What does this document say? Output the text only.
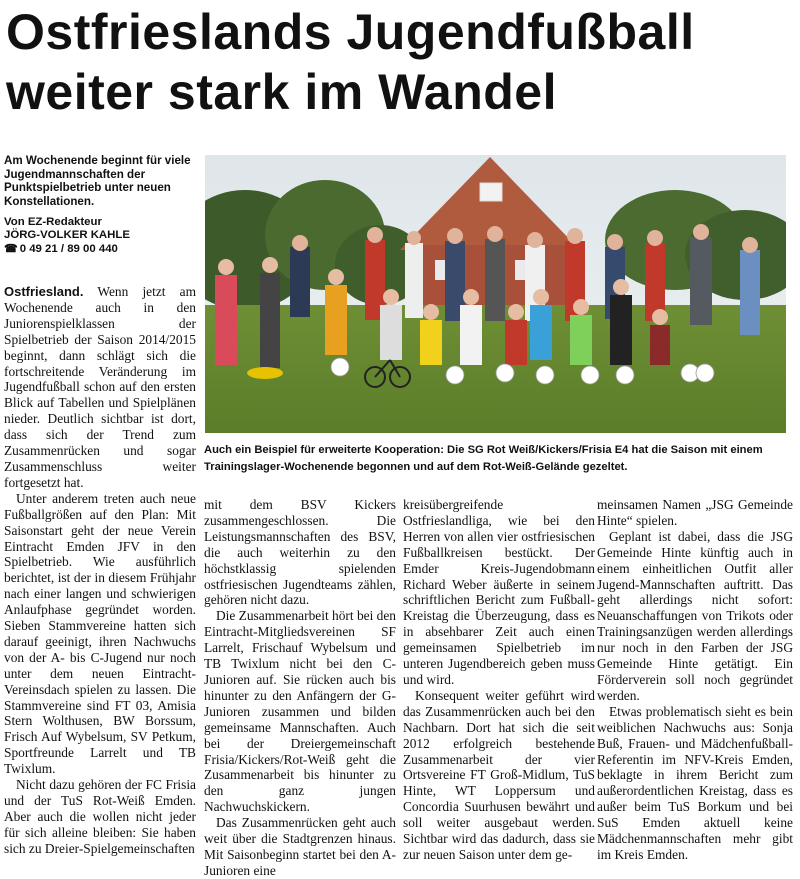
Ostfrieslands Jugendfußball
weiter stark im Wandel
Am Wochenende beginnt für viele Jugendmannschaften der Punktspielbetrieb unter neuen Konstellationen.
Von EZ-Redakteur
JÖRG-VOLKER KAHLE
☎ 0 49 21 / 89 00 440
Auch ein Beispiel für erweiterte Kooperation: Die SG Rot Weiß/Kickers/Frisia E4 hat die Saison mit einem Trainingslager-Wochenende begonnen und auf dem Rot-Weiß-Gelände gezeltet.

Ostfriesland. Wenn jetzt am Wochenende auch in den Juniorenspielklassen der Spielbetrieb der Saison 2014/2015 beginnt, dann schlägt sich die fortschreitende Veränderung im Jugendfußball schon auf den ersten Blick auf Tabellen und Spielplänen nieder. Deutlich sichtbar ist dort, dass sich der Trend zum Zusammenrücken und sogar Zusammenschluss weiter fortgesetzt hat.

Unter anderem treten auch neue Fußballgrößen auf den Plan: Mit Saisonstart geht der neue Verein Eintracht Emden JFV in den Spielbetrieb. Wie ausführlich berichtet, ist der in diesem Frühjahr nach einer langen und schwierigen Anlaufphase gegründet worden. Sieben Stammvereine hatten sich darauf geeinigt, ihren Nachwuchs von der A- bis C-Jugend nur noch unter dem neuen Eintracht-Vereinsdach spielen zu lassen. Die Stammvereine sind FT 03, Amisia Stern Wolthusen, BW Borssum, Frisch Auf Wybelsum, SV Petkum, Sportfreunde Larrelt und TB Twixlum.

Nicht dazu gehören der FC Frisia und der TuS Rot-Weiß Emden. Aber auch die wollen nicht jeder für sich alleine bleiben: Sie haben sich zu Dreier-Spielgemeinschaften

mit dem BSV Kickers zusammengeschlossen. Die Leistungsmannschaften des BSV, die auch weiterhin zu den höchstklassig spielenden ostfriesischen Jugendteams zählen, gehören nicht dazu.

Die Zusammenarbeit hört bei den Eintracht-Mitgliedsvereinen SF Larrelt, Frischauf Wybelsum und TB Twixlum nicht bei den C-Junioren auf. Sie rücken auch bis hinunter zu den Anfängern der G-Junioren zusammen und bilden gemeinsame Mannschaften. Auch bei der Dreiergemeinschaft Frisia/Kickers/Rot-Weiß geht die Zusammenarbeit bis hinunter zu den ganz jungen Nachwuchskickern.

Das Zusammenrücken geht auch weit über die Stadtgrenzen hinaus. Mit Saisonbeginn startet bei den A-Junioren eine

kreisübergreifende Ostfrieslandliga, wie bei den Herren von allen vier ostfriesischen Fußballkreisen bestückt. Der Emder Kreis-Jugendobmann Richard Weber äußerte in seinem schriftlichen Bericht zum Fußball-Kreistag die Überzeugung, dass es in absehbarer Zeit auch einen gemeinsamen Spielbetrieb im unteren Jugendbereich geben muss und wird.

Konsequent weiter geführt wird das Zusammenrücken auch bei den Nachbarn. Dort hat sich die seit 2012 erfolgreich bestehende Zusammenarbeit der vier Ortsvereine FT Groß-Midlum, TuS Hinte, WT Loppersum und Concordia Suurhusen bewährt und soll weiter ausgebaut werden. Sichtbar wird das dadurch, dass sie zur neuen Saison unter dem ge-

meinsamen Namen „JSG Gemeinde Hinte“ spielen.

Geplant ist dabei, dass die JSG Gemeinde Hinte künftig auch in einem einheitlichen Outfit aller Jugend-Mannschaften auftritt. Das geht allerdings nicht sofort: Neuanschaffungen von Trikots oder Trainingsanzügen werden allerdings nur noch in den Farben der JSG Gemeinde Hinte getätigt. Ein Förderverein soll noch gegründet werden.

Etwas problematisch sieht es bein weiblichen Nachwuchs aus: Sonja Buß, Frauen- und Mädchenfußball-Referentin im NFV-Kreis Emden, beklagte in ihrem Bericht zum außerordentlichen Kreistag, dass es außer beim TuS Borkum und bei SuS Emden aktuell keine Mädchenmannschaften mehr gibt im Kreis Emden.
